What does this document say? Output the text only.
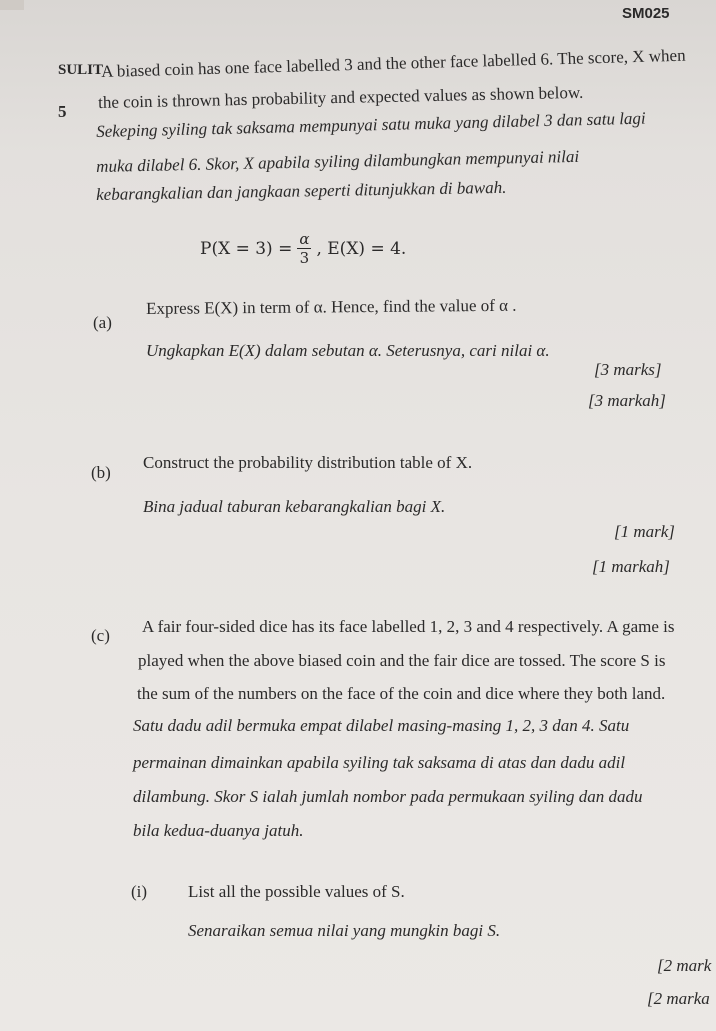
SM025
SULIT
5
A biased coin has one face labelled 3 and the other face labelled 6. The score, X when
the coin is thrown has probability and expected values as shown below.
Sekeping syiling tak saksama mempunyai satu muka yang dilabel 3 dan satu lagi
muka dilabel 6. Skor, X apabila syiling dilambungkan mempunyai nilai
kebarangkalian dan jangkaan seperti ditunjukkan di bawah.
$P(X = 3) = \frac{\alpha}{3}$ , E(X) = 4.
(a)
Express E(X) in term of α. Hence, find the value of α .
Ungkapkan E(X) dalam sebutan α. Seterusnya, cari nilai α.
[3 marks]
[3 markah]
(b)
Construct the probability distribution table of X.
Bina jadual taburan kebarangkalian bagi X.
[1 mark]
[1 markah]
(c) A fair four-sided dice has its face labelled 1, 2, 3 and 4 respectively. A game is
played when the above biased coin and the fair dice are tossed. The score S is
the sum of the numbers on the face of the coin and dice where they both land.
Satu dadu adil bermuka empat dilabel masing-masing 1, 2, 3 dan 4. Satu
permainan dimainkan apabila syiling tak saksama di atas dan dadu adil
dilambung. Skor S ialah jumlah nombor pada permukaan syiling dan dadu
bila kedua-duanya jatuh.
(i) List all the possible values of S.
Senaraikan semua nilai yang mungkin bagi S.
[2 mark
[2 marka
